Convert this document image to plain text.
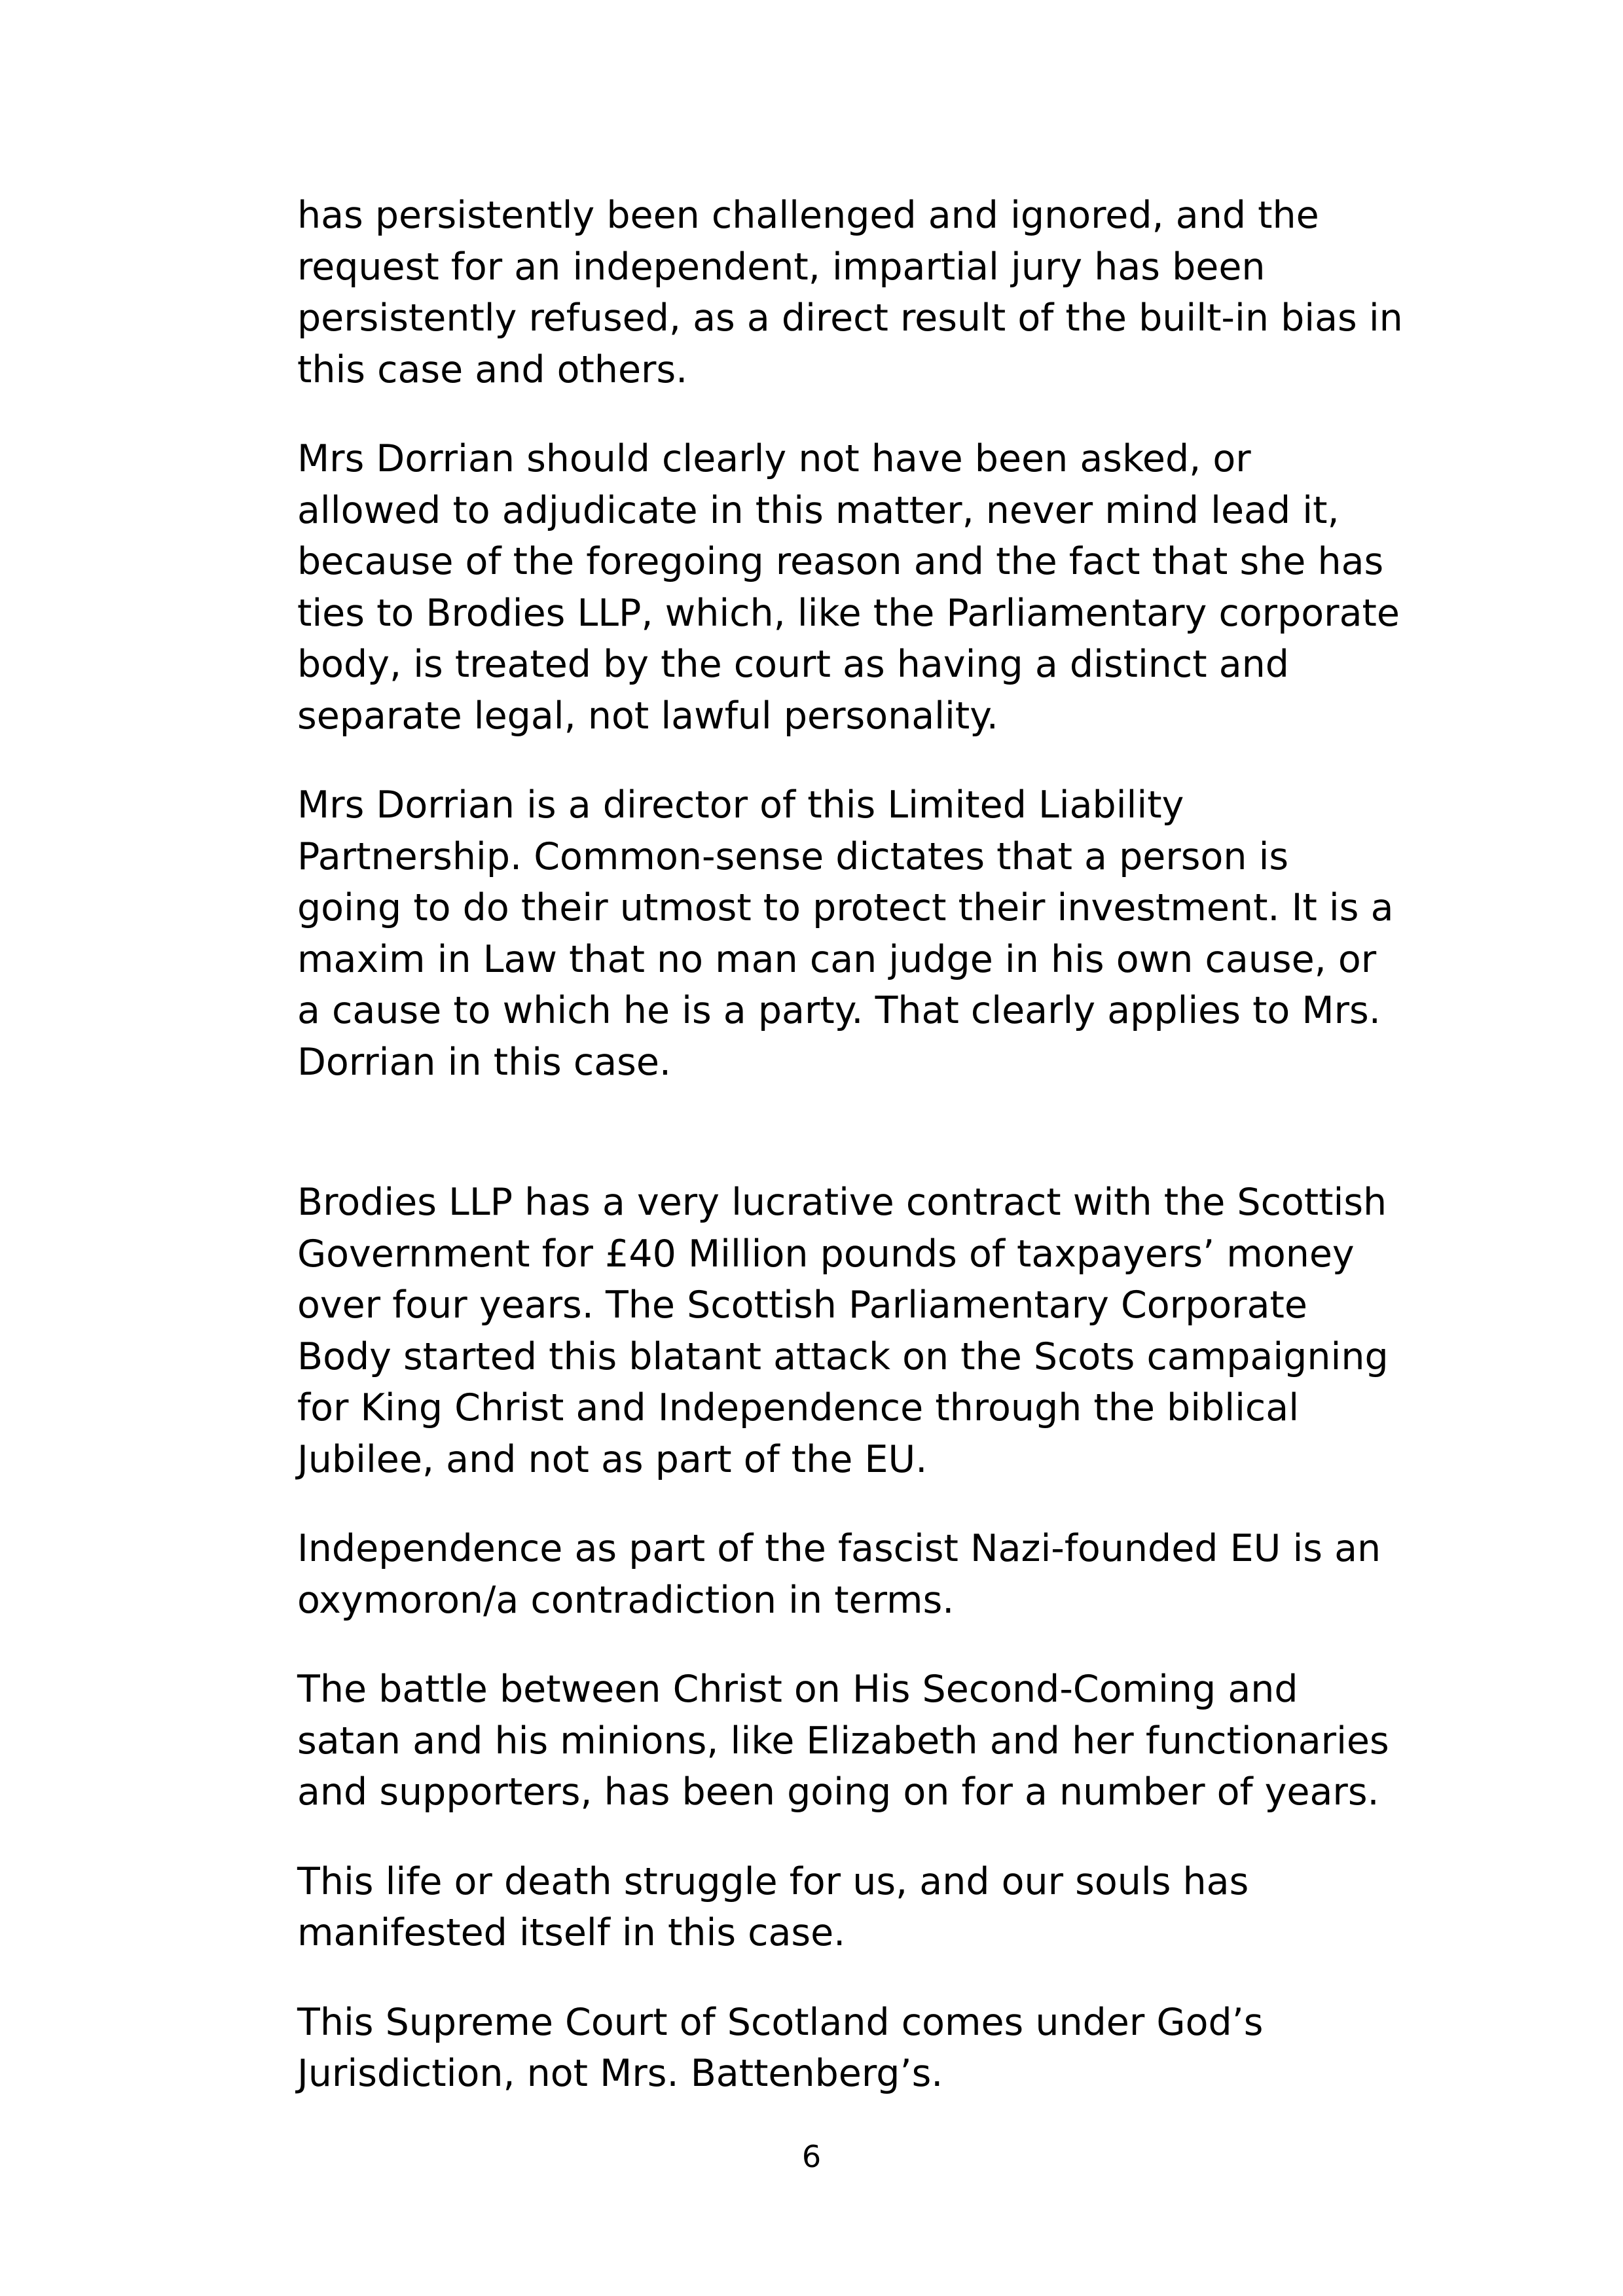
has persistently been challenged and ignored, and the
request for an independent, impartial jury has been
persistently refused, as a direct result of the built-in bias in
this case and others.
Mrs Dorrian should clearly not have been asked, or
allowed to adjudicate in this matter, never mind lead it,
because of the foregoing reason and the fact that she has
ties to Brodies LLP, which, like the Parliamentary corporate
body, is treated by the court as having a distinct and
separate legal, not lawful personality.
Mrs Dorrian is a director of this Limited Liability
Partnership. Common-sense dictates that a person is
going to do their utmost to protect their investment. It is a
maxim in Law that no man can judge in his own cause, or
a cause to which he is a party. That clearly applies to Mrs.
Dorrian in this case.
Brodies LLP has a very lucrative contract with the Scottish
Government for £40 Million pounds of taxpayers’ money
over four years. The Scottish Parliamentary Corporate
Body started this blatant attack on the Scots campaigning
for King Christ and Independence through the biblical
Jubilee, and not as part of the EU.
Independence as part of the fascist Nazi-founded EU is an
oxymoron/a contradiction in terms.
The battle between Christ on His Second-Coming and
satan and his minions, like Elizabeth and her functionaries
and supporters, has been going on for a number of years.
This life or death struggle for us, and our souls has
manifested itself in this case.
This Supreme Court of Scotland comes under God’s
Jurisdiction, not Mrs. Battenberg’s.
6
